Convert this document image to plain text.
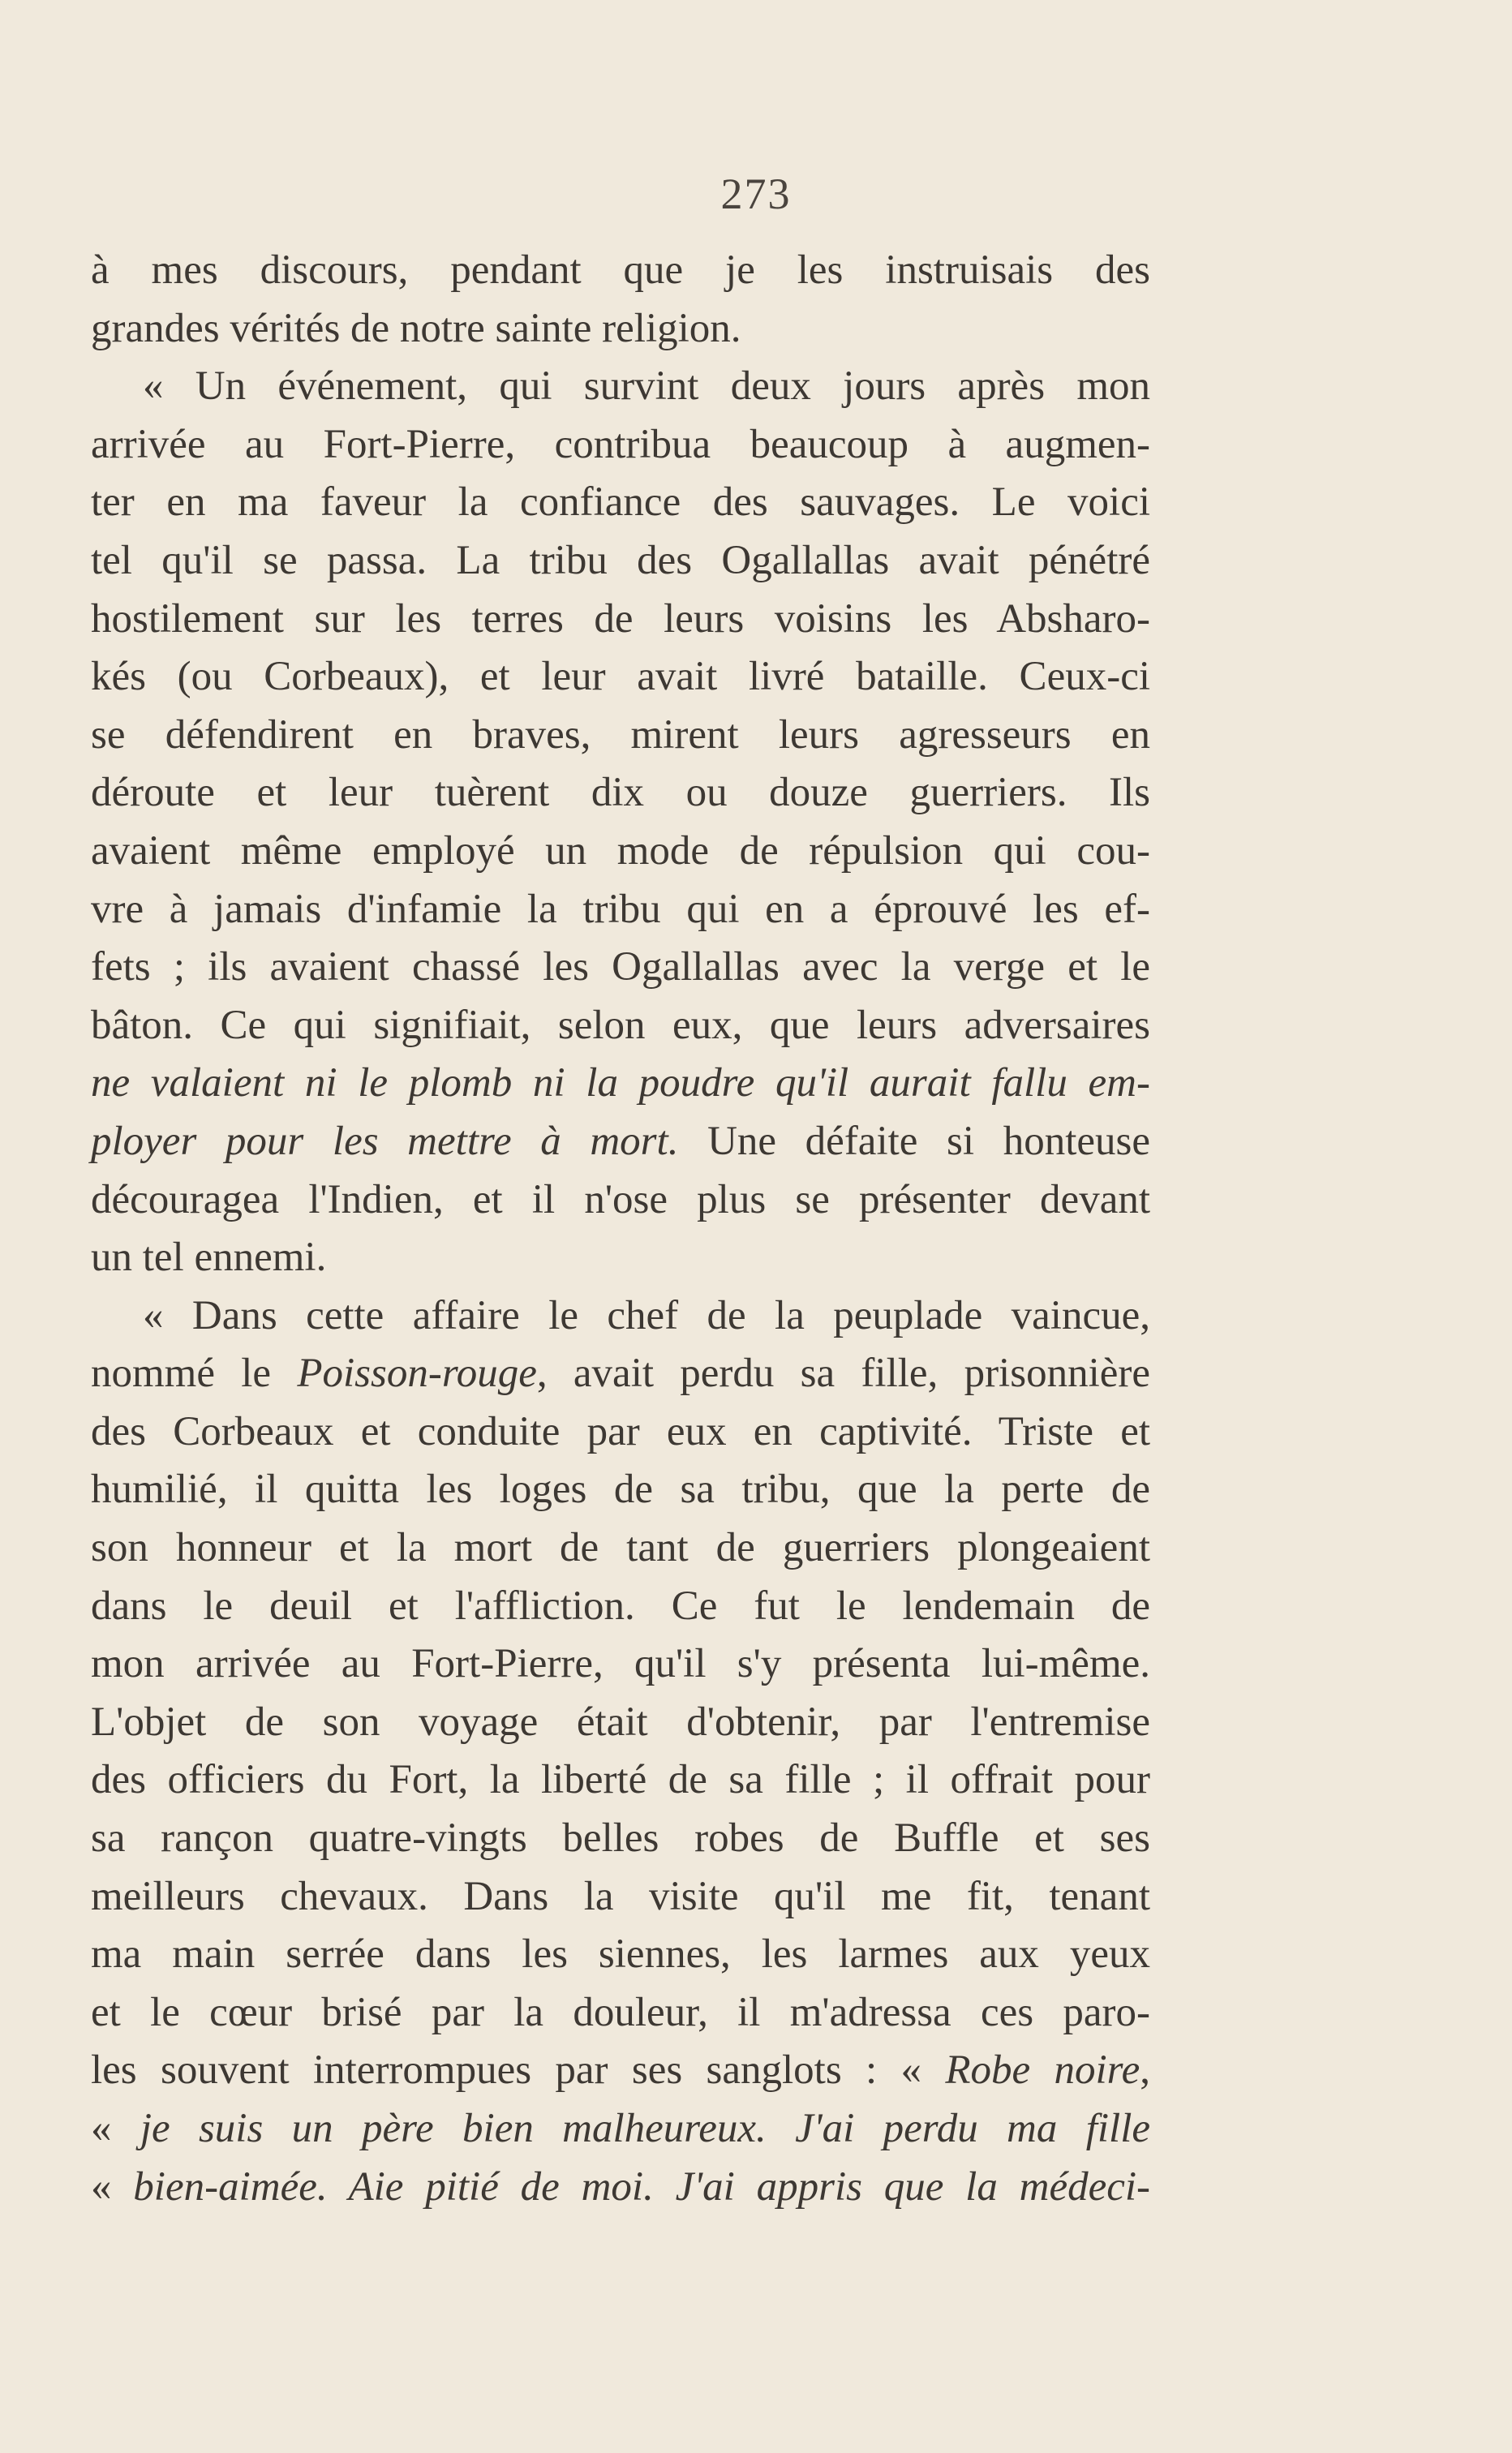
273
à mes discours, pendant que je les instruisais des
grandes vérités de notre sainte religion.
« Un événement, qui survint deux jours après mon
arrivée au Fort-Pierre, contribua beaucoup à augmen-
ter en ma faveur la confiance des sauvages. Le voici
tel qu'il se passa. La tribu des Ogallallas avait pénétré
hostilement sur les terres de leurs voisins les Absharo-
kés (ou Corbeaux), et leur avait livré bataille. Ceux-ci
se défendirent en braves, mirent leurs agresseurs en
déroute et leur tuèrent dix ou douze guerriers. Ils
avaient même employé un mode de répulsion qui cou-
vre à jamais d'infamie la tribu qui en a éprouvé les ef-
fets ; ils avaient chassé les Ogallallas avec la verge et le
bâton. Ce qui signifiait, selon eux, que leurs adversaires
ne valaient ni le plomb ni la poudre qu'il aurait fallu em-
ployer pour les mettre à mort. Une défaite si honteuse
découragea l'Indien, et il n'ose plus se présenter devant
un tel ennemi.
« Dans cette affaire le chef de la peuplade vaincue,
nommé le Poisson-rouge, avait perdu sa fille, prisonnière
des Corbeaux et conduite par eux en captivité. Triste et
humilié, il quitta les loges de sa tribu, que la perte de
son honneur et la mort de tant de guerriers plongeaient
dans le deuil et l'affliction. Ce fut le lendemain de
mon arrivée au Fort-Pierre, qu'il s'y présenta lui-même.
L'objet de son voyage était d'obtenir, par l'entremise
des officiers du Fort, la liberté de sa fille ; il offrait pour
sa rançon quatre-vingts belles robes de Buffle et ses
meilleurs chevaux. Dans la visite qu'il me fit, tenant
ma main serrée dans les siennes, les larmes aux yeux
et le cœur brisé par la douleur, il m'adressa ces paro-
les souvent interrompues par ses sanglots : « Robe noire,
« je suis un père bien malheureux. J'ai perdu ma fille
« bien-aimée. Aie pitié de moi. J'ai appris que la médeci-
